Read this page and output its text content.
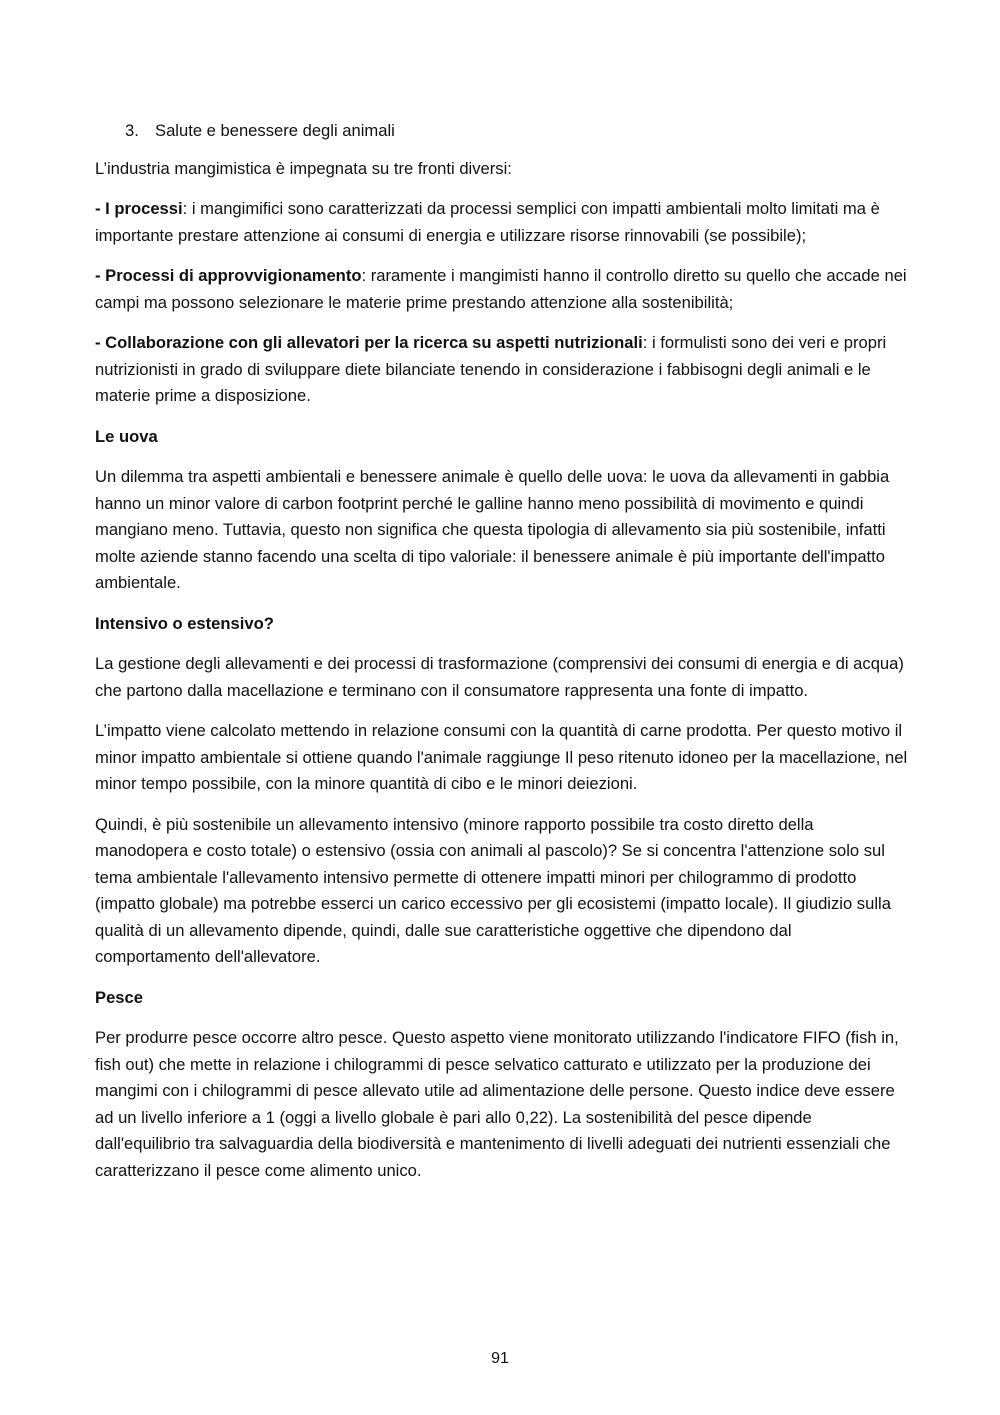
3. Salute e benessere degli animali

L’industria mangimistica è impegnata su tre fronti diversi:

- I processi: i mangimifici sono caratterizzati da processi semplici con impatti ambientali molto limitati ma è importante prestare attenzione ai consumi di energia e utilizzare risorse rinnovabili (se possibile);

- Processi di approvvigionamento: raramente i mangimisti hanno il controllo diretto su quello che accade nei campi ma possono selezionare le materie prime prestando attenzione alla sostenibilità;

- Collaborazione con gli allevatori per la ricerca su aspetti nutrizionali: i formulisti sono dei veri e propri nutrizionisti in grado di sviluppare diete bilanciate tenendo in considerazione i fabbisogni degli animali e le materie prime a disposizione.

Le uova

Un dilemma tra aspetti ambientali e benessere animale è quello delle uova: le uova da allevamenti in gabbia hanno un minor valore di carbon footprint perché le galline hanno meno possibilità di movimento e quindi mangiano meno. Tuttavia, questo non significa che questa tipologia di allevamento sia più sostenibile, infatti molte aziende stanno facendo una scelta di tipo valoriale: il benessere animale è più importante dell'impatto ambientale.

Intensivo o estensivo?

La gestione degli allevamenti e dei processi di trasformazione (comprensivi dei consumi di energia e di acqua) che partono dalla macellazione e terminano con il consumatore rappresenta una fonte di impatto.

L’impatto viene calcolato mettendo in relazione consumi con la quantità di carne prodotta. Per questo motivo il minor impatto ambientale si ottiene quando l'animale raggiunge Il peso ritenuto idoneo per la macellazione, nel minor tempo possibile, con la minore quantità di cibo e le minori deiezioni.

Quindi, è più sostenibile un allevamento intensivo (minore rapporto possibile tra costo diretto della manodopera e costo totale) o estensivo (ossia con animali al pascolo)? Se si concentra l'attenzione solo sul tema ambientale l'allevamento intensivo permette di ottenere impatti minori per chilogrammo di prodotto (impatto globale) ma potrebbe esserci un carico eccessivo per gli ecosistemi (impatto locale). Il giudizio sulla qualità di un allevamento dipende, quindi, dalle sue caratteristiche oggettive che dipendono dal comportamento dell'allevatore.

Pesce

Per produrre pesce occorre altro pesce. Questo aspetto viene monitorato utilizzando l'indicatore FIFO (fish in, fish out) che mette in relazione i chilogrammi di pesce selvatico catturato e utilizzato per la produzione dei mangimi con i chilogrammi di pesce allevato utile ad alimentazione delle persone. Questo indice deve essere ad un livello inferiore a 1 (oggi a livello globale è pari allo 0,22). La sostenibilità del pesce dipende dall'equilibrio tra salvaguardia della biodiversità e mantenimento di livelli adeguati dei nutrienti essenziali che caratterizzano il pesce come alimento unico.

91
